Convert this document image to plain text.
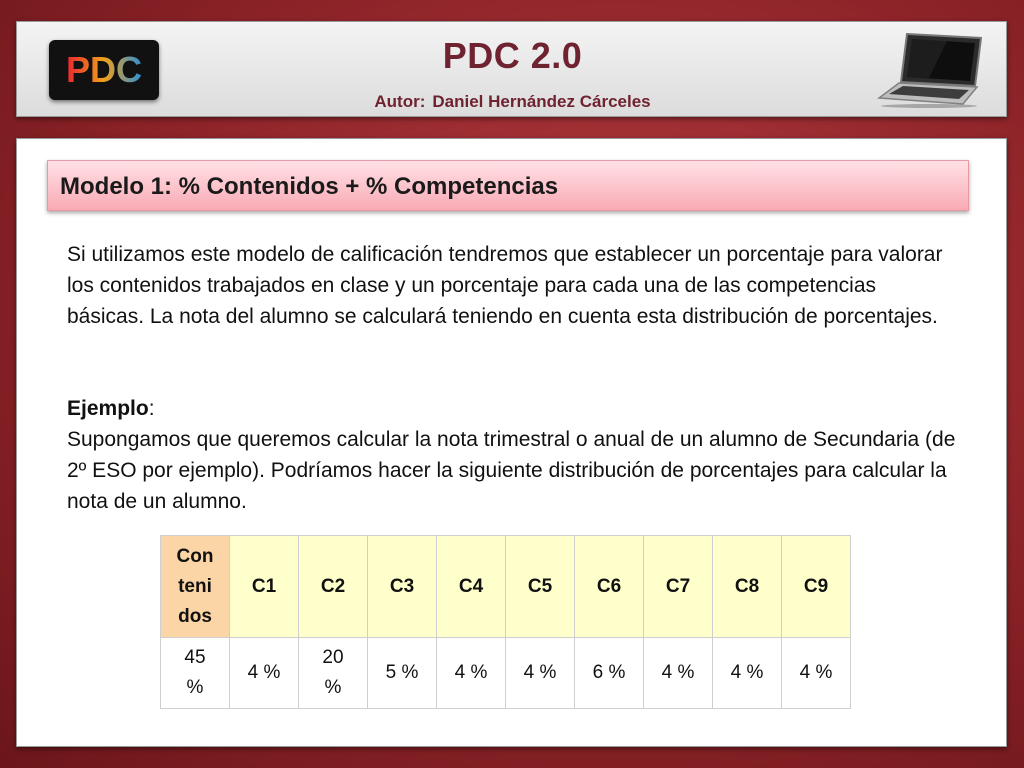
PDC	PDC 2.0
Autor: Daniel Hernández Cárceles
Modelo 1: % Contenidos + % Competencias

Si utilizamos este modelo de calificación tendremos que establecer un porcentaje para valorar los contenidos trabajados en clase y un porcentaje para cada una de las competencias básicas. La nota del alumno se calculará teniendo en cuenta esta distribución de porcentajes.

Ejemplo:

Supongamos que queremos calcular la nota trimestral o anual de un alumno de Secundaria (de 2º ESO por ejemplo). Podríamos hacer la siguiente distribución de porcentajes para calcular la nota de un alumno.

Contenidos	C1	C2	C3	C4	C5	C6	C7	C8	C9
45 %	4 %	20 %	5 %	4 %	4 %	6 %	4 %	4 %	4 %
